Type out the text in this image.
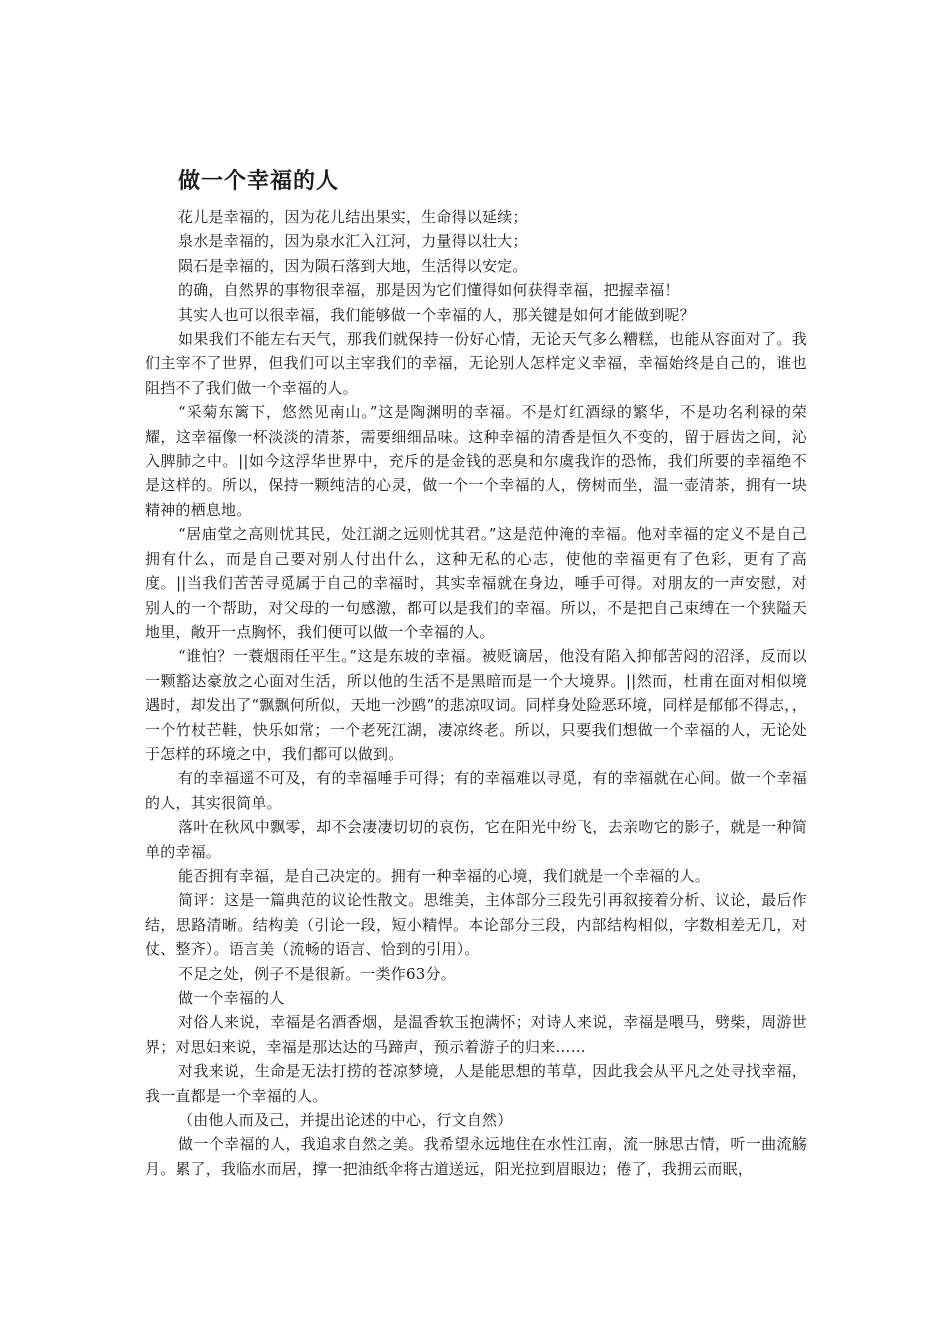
做一个幸福的人

花儿是幸福的，因为花儿结出果实，生命得以延续；

泉水是幸福的，因为泉水汇入江河，力量得以壮大；

陨石是幸福的，因为陨石落到大地，生活得以安定。

的确，自然界的事物很幸福，那是因为它们懂得如何获得幸福，把握幸福！

其实人也可以很幸福，我们能够做一个幸福的人，那关键是如何才能做到呢？

如果我们不能左右天气，那我们就保持一份好心情，无论天气多么糟糕，也能从容面对了。我们主宰不了世界，但我们可以主宰我们的幸福，无论别人怎样定义幸福，幸福始终是自己的，谁也阻挡不了我们做一个幸福的人。

“采菊东篱下，悠然见南山。”这是陶渊明的幸福。不是灯红酒绿的繁华，不是功名利禄的荣耀，这幸福像一杯淡淡的清茶，需要细细品味。这种幸福的清香是恒久不变的，留于唇齿之间，沁入脾肺之中。||如今这浮华世界中，充斥的是金钱的恶臭和尔虞我诈的恐怖，我们所要的幸福绝不是这样的。所以，保持一颗纯洁的心灵，做一个一个幸福的人，傍树而坐，温一壶清茶，拥有一块精神的栖息地。

“居庙堂之高则忧其民，处江湖之远则忧其君。”这是范仲淹的幸福。他对幸福的定义不是自己拥有什么，而是自己要对别人付出什么，这种无私的心志，使他的幸福更有了色彩，更有了高度。||当我们苦苦寻觅属于自己的幸福时，其实幸福就在身边，唾手可得。对朋友的一声安慰，对别人的一个帮助，对父母的一句感激，都可以是我们的幸福。所以，不是把自己束缚在一个狭隘天地里，敞开一点胸怀，我们便可以做一个幸福的人。

“谁怕？一蓑烟雨任平生。”这是东坡的幸福。被贬谪居，他没有陷入抑郁苦闷的沼泽，反而以一颗豁达豪放之心面对生活，所以他的生活不是黑暗而是一个大境界。||然而，杜甫在面对相似境遇时，却发出了“飘飘何所似，天地一沙鸥”的悲凉叹词。同样身处险恶环境，同样是郁郁不得志，，一个竹杖芒鞋，快乐如常；一个老死江湖，凄凉终老。所以，只要我们想做一个幸福的人，无论处于怎样的环境之中，我们都可以做到。

有的幸福遥不可及，有的幸福唾手可得；有的幸福难以寻觅，有的幸福就在心间。做一个幸福的人，其实很简单。

落叶在秋风中飘零，却不会凄凄切切的哀伤，它在阳光中纷飞，去亲吻它的影子，就是一种简单的幸福。

能否拥有幸福，是自己决定的。拥有一种幸福的心境，我们就是一个幸福的人。

简评：这是一篇典范的议论性散文。思维美，主体部分三段先引再叙接着分析、议论，最后作结，思路清晰。结构美（引论一段，短小精悍。本论部分三段，内部结构相似，字数相差无几，对仗、整齐）。语言美（流畅的语言、恰到的引用）。

不足之处，例子不是很新。一类作63分。

做一个幸福的人

对俗人来说，幸福是名酒香烟，是温香软玉抱满怀；对诗人来说，幸福是喂马，劈柴，周游世界；对思妇来说，幸福是那达达的马蹄声，预示着游子的归来……

对我来说，生命是无法打捞的苍凉梦境，人是能思想的苇草，因此我会从平凡之处寻找幸福，我一直都是一个幸福的人。

（由他人而及己，并提出论述的中心，行文自然）

做一个幸福的人，我追求自然之美。我希望永远地住在水性江南，流一脉思古情，听一曲流觞月。累了，我临水而居，撑一把油纸伞将古道送远，阳光拉到眉眼边；倦了，我拥云而眠，
